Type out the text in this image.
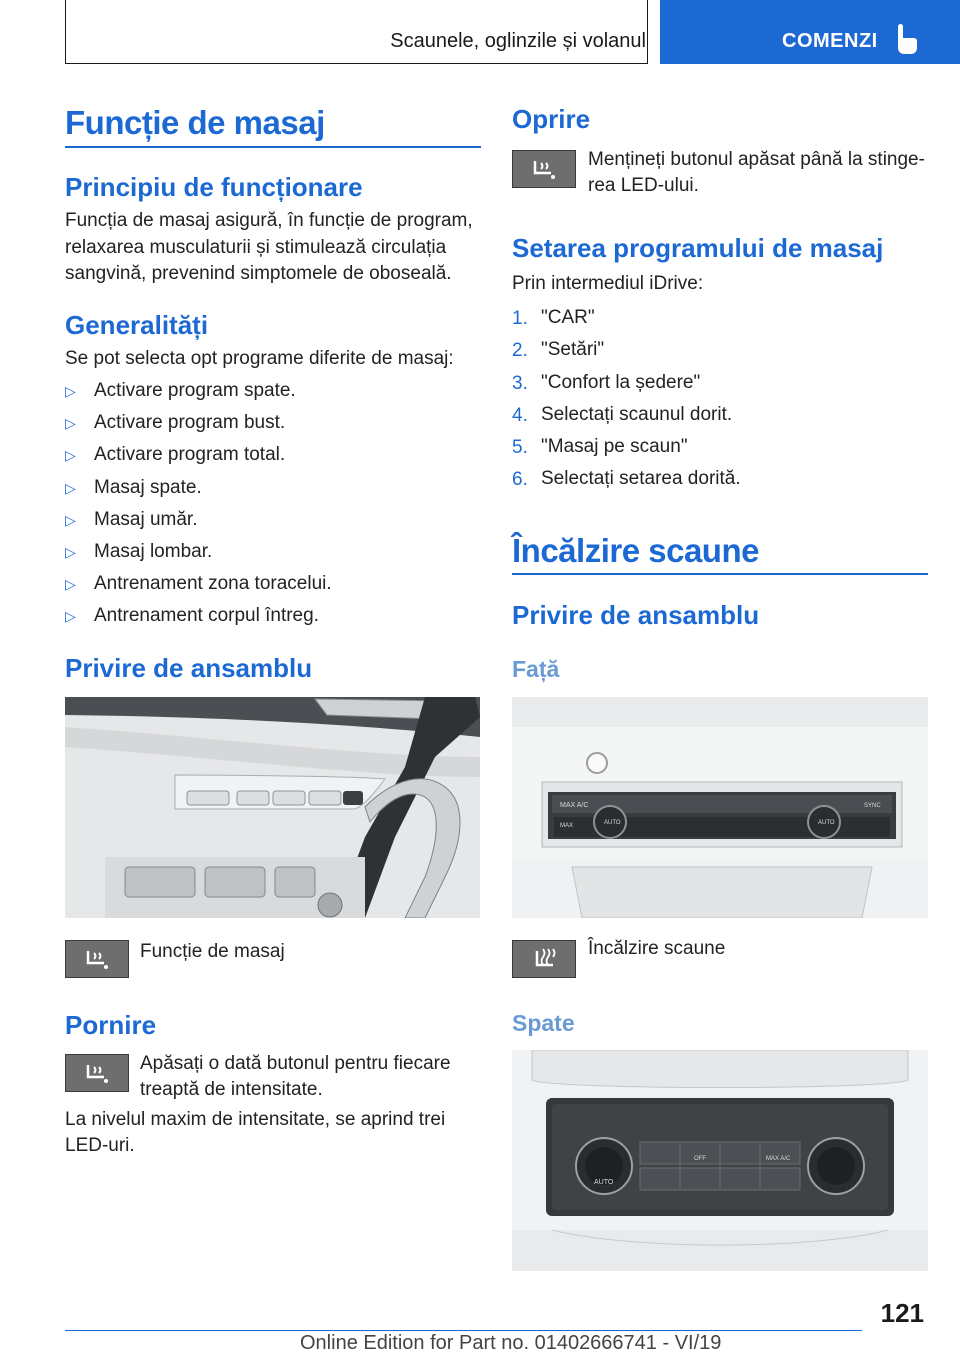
Scaunele, oglinzile și volanul	COMENZI
Funcție de masaj
Principiu de funcționare
Funcția de masaj asigură, în funcție de program,
relaxarea musculaturii și stimulează circulația
sangvină, prevenind simptomele de oboseală.
Generalități
Se pot selecta opt programe diferite de masaj:
▷ Activare program spate.
▷ Activare program bust.
▷ Activare program total.
▷ Masaj spate.
▷ Masaj umăr.
▷ Masaj lombar.
▷ Antrenament zona toracelui.
▷ Antrenament corpul întreg.
Privire de ansamblu
Funcție de masaj
Pornire
Apăsați o dată butonul pentru fiecare
treaptă de intensitate.
La nivelul maxim de intensitate, se aprind trei
LED-uri.
Oprire
Mențineți butonul apăsat până la stinge‐
rea LED-ului.
Setarea programului de masaj
Prin intermediul iDrive:
1. "CAR"
2. "Setări"
3. "Confort la ședere"
4. Selectați scaunul dorit.
5. "Masaj pe scaun"
6. Selectați setarea dorită.
Încălzire scaune
Privire de ansamblu
Față
MAX A/C
AUTO	AUTO
SYNC
MAX
Încălzire scaune
Spate
AUTO
OFF	MAX A/C
121
Online Edition for Part no. 01402666741 - VI/19
